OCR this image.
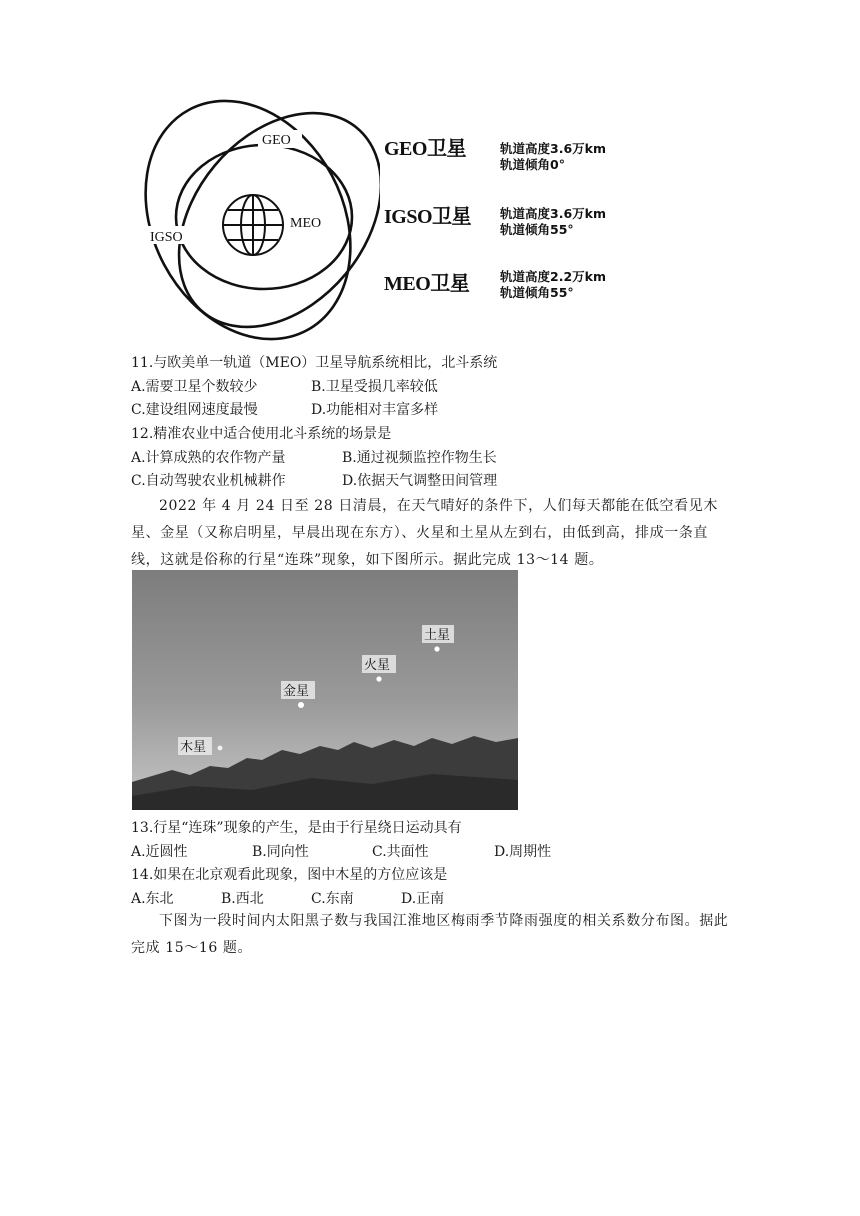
GEO
MEO
IGSO
GEO卫星	轨道高度3.6万km
轨道倾角0°
IGSO卫星 轨道高度3.6万km
轨道倾角55°
MEO卫星 轨道高度2.2万km
轨道倾角55°
11.与欧美单一轨道（MEO）卫星导航系统相比，北斗系统
A.需要卫星个数较少	B.卫星受损几率较低
C.建设组网速度最慢	D.功能相对丰富多样
12.精准农业中适合使用北斗系统的场景是
A.计算成熟的农作物产量	B.通过视频监控作物生长
C.自动驾驶农业机械耕作	D.依据天气调整田间管理
2022 年 4 月 24 日至 28 日清晨，在天气晴好的条件下，人们每天都能在低空看见木星、金星（又称启明星，早晨出现在东方）、火星和土星从左到右，由低到高，排成一条直线，这就是俗称的行星“连珠”现象，如下图所示。据此完成 13～14 题。
土星
火星
金星
木星
13.行星“连珠”现象的产生，是由于行星绕日运动具有
A.近圆性	B.同向性	C.共面性	D.周期性
14.如果在北京观看此现象，图中木星的方位应该是
A.东北	B.西北	C.东南	D.正南
下图为一段时间内太阳黑子数与我国江淮地区梅雨季节降雨强度的相关系数分布图。据此完成 15～16 题。
